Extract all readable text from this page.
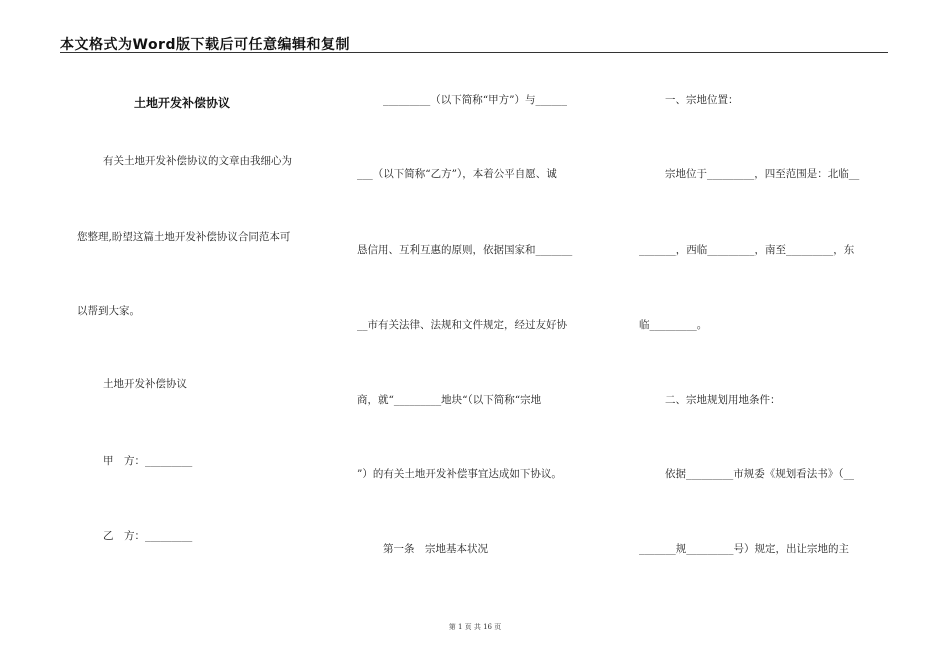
本文格式为Word版下载后可任意编辑和复制
土地开发补偿协议
有关土地开发补偿协议的文章由我细心为
您整理,盼望这篇土地开发补偿协议合同范本可
以帮到大家。
土地开发补偿协议
甲　方：_________
乙　方：_________
_________（以下简称“甲方”）与______
___（以下简称“乙方”），本着公平自愿、诚
恳信用、互利互惠的原则，依据国家和_______
__市有关法律、法规和文件规定，经过友好协
商，就“_________地块“（以下简称“宗地
”）的有关土地开发补偿事宜达成如下协议。
第一条　宗地基本状况
一、宗地位置：
宗地位于_________，四至范围是：北临__
_______，西临_________，南至_________，东
临_________。
二、宗地规划用地条件：
依据_________市规委《规划看法书》（__
_______规_________号）规定，出让宗地的主
第 1 页 共 16 页
